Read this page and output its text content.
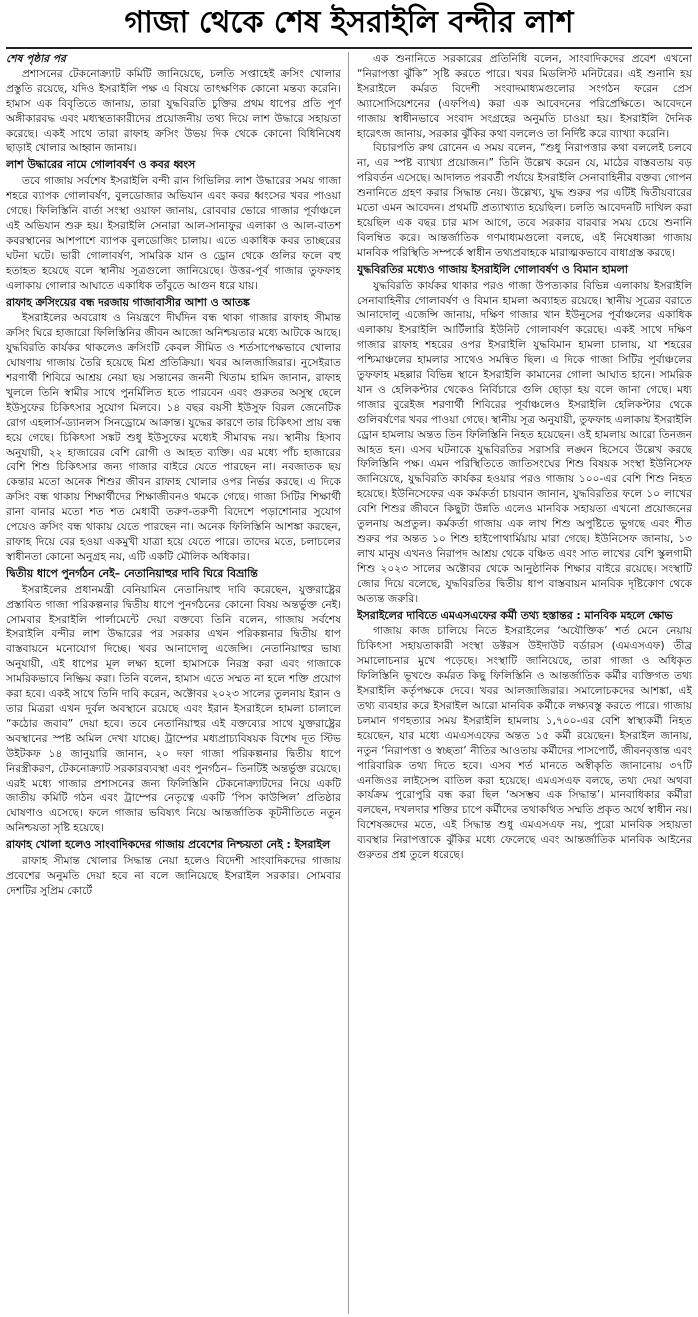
গাজা থেকে শেষ ইসরাইলি বন্দীর লাশ

শেষ পৃষ্ঠার পর

প্রশাসনের টেকনোক্র্যাট কমিটি জানিয়েছে, চলতি সপ্তাহেই ক্রসিং খোলার প্রস্তুতি রয়েছে, যদিও ইসরাইলি পক্ষ এ বিষয়ে তাৎক্ষণিক কোনো মন্তব্য করেনি। হামাস এক বিবৃতিতে জানায়, তারা যুদ্ধবিরতি চুক্তির প্রথম ধাপের প্রতি পূর্ণ অঙ্গীকারবদ্ধ এবং মধ্যস্থতাকারীদের প্রয়োজনীয় তথ্য দিয়ে লাশ উদ্ধারে সহায়তা করেছে। একই সাথে তারা রাফাহ ক্রসিং উভয় দিক থেকে কোনো বিধিনিষেধ ছাড়াই খোলার আহ্বান জানায়।

লাশ উদ্ধারের নামে গোলাবর্ষণ ও কবর ধ্বংস

তবে গাজায় সর্বশেষ ইসরাইলি বন্দী রান গিভিলির লাশ উদ্ধারের সময় গাজা শহরে ব্যাপক গোলাবর্ষণ, বুলডোজার অভিযান এবং কবর ধ্বংসের খবর পাওয়া গেছে। ফিলিস্তিনি বার্তা সংস্থা ওয়াফা জানায়, রোববার ভোরে গাজার পূর্বাঞ্চলে এই অভিযান শুরু হয়। ইসরাইলি সেনারা আল-সানাফুর এলাকা ও আল-বাতশ কবরস্থানের আশপাশে ব্যাপক বুলডোজিং চালায়। এতে একাধিক কবর তাচ্ছরের ঘটনা ঘটে। ভারী গোলাবর্ষণ, সামরিক যান ও ড্রোন থেকে গুলির ফলে বহু হতাহত হয়েছে বলে স্থানীয় সূত্রগুলো জানিয়েছে। উত্তর-পূর্ব গাজার তুফফাহ এলাকায় গোলার আঘাতে একাধিক তাঁবুতে আগুন ধরে যায়।

রাফাহ ক্রসিংয়ের বন্ধ দরজায় গাজাবাসীর আশা ও আতঙ্ক

ইসরাইলের অবরোধ ও নিয়ন্ত্রণে দীর্ঘদিন বন্ধ থাকা গাজার রাফাহ সীমান্ত ক্রসিং ঘিরে হাজারো ফিলিস্তিনির জীবন আজো অনিশ্চয়তার মধ্যে আটকে আছে। যুদ্ধবিরতি কার্যকর থাকলেও ক্রসিংটি কেবল সীমিত ও শর্তসাপেক্ষভাবে খোলার ঘোষণায় গাজায় তৈরি হয়েছে মিশ্র প্রতিক্রিয়া। খবর আলজাজিরার। নুসেইরাত শরণার্থী শিবিরে আশ্রয় নেয়া ছয় সন্তানের জননী খিতাম হামিদ জানান, রাফাহ খুললে তিনি স্বামীর সাথে পুনর্মিলিত হতে পারবেন এবং গুরুতর অসুস্থ ছেলে ইউসুফের চিকিৎসার সুযোগ মিলবে। ১৪ বছর বয়সী ইউসুফ বিরল জেনেটিক রোগ এহলার্স-ড্যানলস সিনড্রোমে আক্রান্ত। যুদ্ধের কারণে তার চিকিৎসা প্রায় বন্ধ হয়ে গেছে। চিকিৎসা সঙ্কট শুধু ইউসুফের মধ্যেই সীমাবদ্ধ নয়। স্থানীয় হিসাব অনুযায়ী, ২২ হাজারের বেশি রোগী ও আহত ব্যক্তি। এর মধ্যে পাঁচ হাজারের বেশি শিশু চিকিৎসার জন্য গাজার বাইরে যেতে পারছেন না। নবজাতক ছয় কেন্তার মতো অনেক শিশুর জীবন রাফাহ খোলার ওপর নির্ভর করছে। এ দিকে ক্রসিং বন্ধ থাকায় শিক্ষার্থীদের শিক্ষাজীবনও থমকে গেছে। গাজা সিটির শিক্ষার্থী রানা বানার মতো শত শত মেধাবী তরুণ-তরুণী বিদেশে পড়াশোনার সুযোগ পেয়েও ক্রসিং বন্ধ থাকায় যেতে পারছেন না। অনেক ফিলিস্তিনি আশঙ্কা করছেন, রাফাহ দিয়ে বের হওয়া একমুখী যাত্রা হয়ে যেতে পারে। তাদের মতে, চলাচলের স্বাধীনতা কোনো অনুগ্রহ নয়, এটি একটি মৌলিক অধিকার।

দ্বিতীয় ধাপে পুনর্গঠন নেই– নেতানিয়াহুর দাবি ঘিরে বিভ্রান্তি

ইসরাইলের প্রধানমন্ত্রী বেনিয়ামিন নেতানিয়াহু দাবি করেছেন, যুক্তরাষ্ট্রের প্রস্তাবিত গাজা পরিকল্পনার দ্বিতীয় ধাপে পুনর্গঠনের কোনো বিষয় অন্তর্ভুক্ত নেই। সোমবার ইসরাইলি পার্লামেন্টে দেয়া বক্তব্যে তিনি বলেন, গাজায় সর্বশেষ ইসরাইলি বন্দীর লাশ উদ্ধারের পর সরকার এখন পরিকল্পনার দ্বিতীয় ধাপ বাস্তবায়নে মনোযোগ দিচ্ছে। খবর আনাদোলু এজেন্সি। নেতানিয়াহুর ভাষ্য অনুযায়ী, এই ধাপের মূল লক্ষ্য হলো হামাসকে নিরস্ত্র করা এবং গাজাকে সামরিকভাবে নিষ্ক্রিয় করা। তিনি বলেন, হামাস এতে সম্মত না হলে শক্তি প্রয়োগ করা হবে। একই সাথে তিনি দাবি করেন, অক্টোবর ২০২৩ সালের তুলনায় ইরান ও তার মিত্ররা এখন দুর্বল অবস্থানে রয়েছে এবং ইরান ইসরাইলে হামলা চালালে “কঠোর জবাব” দেয়া হবে। তবে নেতানিয়াহুর এই বক্তব্যের সাথে যুক্তরাষ্ট্রের অবস্থানের স্পষ্ট অমিল দেখা যাচ্ছে। ট্রাম্পের মধ্যপ্রাচ্যবিষয়ক বিশেষ দূত স্টিভ উইটকফ ১৪ জানুয়ারি জানান, ২০ দফা গাজা পরিকল্পনার দ্বিতীয় ধাপে নিরস্ত্রীকরণ, টেকনোক্র্যাট সরকারব্যবস্থা এবং পুনর্গঠন– তিনটিই অন্তর্ভুক্ত রয়েছে। এরই মধ্যে গাজার প্রশাসনের জন্য ফিলিস্তিনি টেকনোক্র্যাটদের নিয়ে একটি জাতীয় কমিটি গঠন এবং ট্রাম্পের নেতৃত্বে একটি ‘পিস কাউন্সিল’ প্রতিষ্ঠার ঘোষণাও এসেছে। ফলে গাজার ভবিষ্যৎ নিয়ে আন্তর্জাতিক কূটনীতিতে নতুন অনিশ্চয়তা সৃষ্টি হয়েছে।

রাফাহ খোলা হলেও সাংবাদিকদের গাজায় প্রবেশের নিশ্চয়তা নেই : ইসরাইল

রাফাহ সীমান্ত খোলার সিদ্ধান্ত নেয়া হলেও বিদেশী সাংবাদিকদের গাজায় প্রবেশের অনুমতি দেয়া হবে না বলে জানিয়েছে ইসরাইল সরকার। সোমবার দেশটির সুপ্রিম কোর্টে

এক শুনানিতে সরকারের প্রতিনিধি বলেন, সাংবাদিকদের প্রবেশ এখনো “নিরাপত্তা ঝুঁকি” সৃষ্টি করতে পারে। খবর মিডলিস্ট মনিটরের। এই শুনানি হয় ইসরাইলে কর্মরত বিদেশী সংবাদমাধ্যমগুলোর সংগঠন ফরেন প্রেস অ্যাসোসিয়েশনের (এফপিএ) করা এক আবেদনের পরিপ্রেক্ষিতে। আবেদনে গাজায় স্বাধীনভাবে সংবাদ সংগ্রহের অনুমতি চাওয়া হয়। ইসরাইলি দৈনিক হারেৎজ জানায়, সরকার ঝুঁকির কথা বললেও তা নির্দিষ্ট করে ব্যাখ্যা করেনি।

বিচারপতি রুথ রোনেন এ সময় বলেন, “শুধু নিরাপত্তার কথা বললেই চলবে না, এর স্পষ্ট ব্যাখ্যা প্রয়োজন।” তিনি উল্লেখ করেন যে, মাঠের বাস্তবতায় বড় পরিবর্তন এসেছে। আদালত পরবর্তী পর্যায়ে ইসরাইলি সেনাবাহিনীর বক্তব্য গোপন শুনানিতে গ্রহণ করার সিদ্ধান্ত নেয়। উল্লেখ্য, যুদ্ধ শুরুর পর এটিই দ্বিতীয়বারের মতো এমন আবেদন। প্রথমটি প্রত্যাখ্যাত হয়েছিল। চলতি আবেদনটি দাখিল করা হয়েছিল এক বছর চার মাস আগে, তবে সরকার বারবার সময় চেয়ে শুনানি বিলম্বিত করে। আন্তর্জাতিক গণমাধ্যমগুলো বলছে, এই নিষেধাজ্ঞা গাজায় মানবিক পরিস্থিতি সম্পর্কে স্বাধীন তথ্যপ্রবাহকে মারাত্মকভাবে বাধাগ্রস্ত করছে।

যুদ্ধবিরতির মধ্যেও গাজায় ইসরাইলি গোলাবর্ষণ ও বিমান হামলা

যুদ্ধবিরতি কার্যকর থাকার পরও গাজা উপত্যকার বিভিন্ন এলাকায় ইসরাইলি সেনাবাহিনীর গোলাবর্ষণ ও বিমান হামলা অব্যাহত রয়েছে। স্থানীয় সূত্রের বরাতে আনাদোলু এজেন্সি জানায়, দক্ষিণ গাজার খান ইউনুসের পূর্বাঞ্চলের একাধিক এলাকায় ইসরাইলি আর্টিলারি ইউনিট গোলাবর্ষণ করেছে। একই সাথে দক্ষিণ গাজার রাফাহ শহরের ওপর ইসরাইলি যুদ্ধবিমান হামলা চালায়, যা শহরের পশ্চিমাঞ্চলের হামলার সাথেও সমন্বিত ছিল। এ দিকে গাজা সিটির পূর্বাঞ্চলের তুফফাহ মহল্লার বিভিন্ন স্থানে ইসরাইলি কামানের গোলা আঘাত হানে। সামরিক যান ও হেলিকপ্টার থেকেও নির্বিচারে গুলি ছোড়া হয় বলে জানা গেছে। মধ্য গাজার বুরেইজ শরণার্থী শিবিরের পূর্বাঞ্চলেও ইসরাইলি হেলিকপ্টার থেকে গুলিবর্ষণের খবর পাওয়া গেছে। স্থানীয় সূত্র অনুযায়ী, তুফফাহ এলাকায় ইসরাইলি ড্রোন হামলায় অন্তত তিন ফিলিস্তিনি নিহত হয়েছেন। ওই হামলায় আরো তিনজন আহত হন। এসব ঘটনাকে যুদ্ধবিরতির সরাসরি লঙ্ঘন হিসেবে উল্লেখ করছে ফিলিস্তিনি পক্ষ। এমন পরিস্থিতিতে জাতিসংঘের শিশু বিষয়ক সংস্থা ইউনিসেফ জানিয়েছে, যুদ্ধবিরতি কার্যকর হওয়ার পরও গাজায় ১০০-এর বেশি শিশু নিহত হয়েছে। ইউনিসেফের এক কর্মকর্তা চায়বান জানান, যুদ্ধবিরতির ফলে ১০ লাখের বেশি শিশুর জীবনে কিছুটা উন্নতি এলেও মানবিক সহায়তা এখনো প্রয়োজনের তুলনায় অপ্রতুল। কর্মকর্তা গাজায় এক লাখ শিশু অপুষ্টিতে ভুগছে এবং শীত শুরুর পর অন্তত ১০ শিশু হাইপোথার্মিয়ায় মারা গেছে। ইউনিসেফ জানায়, ১৩ লাখ মানুষ এখনও নিরাপদ আশ্রয় থেকে বঞ্চিত এবং সাত লাখের বেশি স্কুলগামী শিশু ২০২৩ সালের অক্টোবর থেকে আনুষ্ঠানিক শিক্ষার বাইরে রয়েছে। সংস্থাটি জোর দিয়ে বলেছে, যুদ্ধবিরতির দ্বিতীয় ধাপ বাস্তবায়ন মানবিক দৃষ্টিকোণ থেকে অত্যন্ত জরুরি।

ইসরাইলের দাবিতে এমএসএফের কর্মী তথ্য হস্তান্তর : মানবিক মহলে ক্ষোভ

গাজায় কাজ চালিয়ে নিতে ইসরাইলের ‘অযৌক্তিক’ শর্ত মেনে নেয়ায় চিকিৎসা সহায়তাকারী সংস্থা ডক্টরস উইদাউট বর্ডারস (এমএসএফ) তীব্র সমালোচনার মুখে পড়েছে। সংস্থাটি জানিয়েছে, তারা গাজা ও অধিকৃত ফিলিস্তিনি ভূখণ্ডে কর্মরত কিছু ফিলিস্তিনি ও আন্তর্জাতিক কর্মীর ব্যক্তিগত তথ্য ইসরাইলি কর্তৃপক্ষকে দেবে। খবর আলজাজিরার। সমালোচকদের আশঙ্কা, এই তথ্য ব্যবহার করে ইসরাইল আরো মানবিক কর্মীকে লক্ষ্যবস্তু করতে পারে। গাজায় চলমান গণহত্যার সময় ইসরাইলি হামলায় ১,৭০০-এর বেশি স্বাস্থ্যকর্মী নিহত হয়েছেন, যার মধ্যে এমএসএফের অন্তত ১৫ কর্মী রয়েছেন। ইসরাইল জানায়, নতুন ‘নিরাপত্তা ও স্বচ্ছতা’ নীতির আওতায় কর্মীদের পাসপোর্ট, জীবনবৃত্তান্ত এবং পারিবারিক তথ্য দিতে হবে। এসব শর্ত মানতে অস্বীকৃতি জানানোয় ৩৭টি এনজিওর লাইসেন্স বাতিল করা হয়েছে। এমএসএফ বলছে, তথ্য দেয়া অথবা কার্যক্রম পুরোপুরি বন্ধ করা ছিল ‘অসম্ভব এক সিদ্ধান্ত’। মানবাধিকার কর্মীরা বলছেন, দখলদার শক্তির চাপে কর্মীদের তথাকথিত সম্মতি প্রকৃত অর্থে স্বাধীন নয়। বিশেষজ্ঞদের মতে, এই সিদ্ধান্ত শুধু এমএসএফ নয়, পুরো মানবিক সহায়তা ব্যবস্থার নিরাপত্তাকে ঝুঁকির মধ্যে ফেলেছে এবং আন্তর্জাতিক মানবিক আইনের গুরুতর প্রশ্ন তুলে ধরেছে।
